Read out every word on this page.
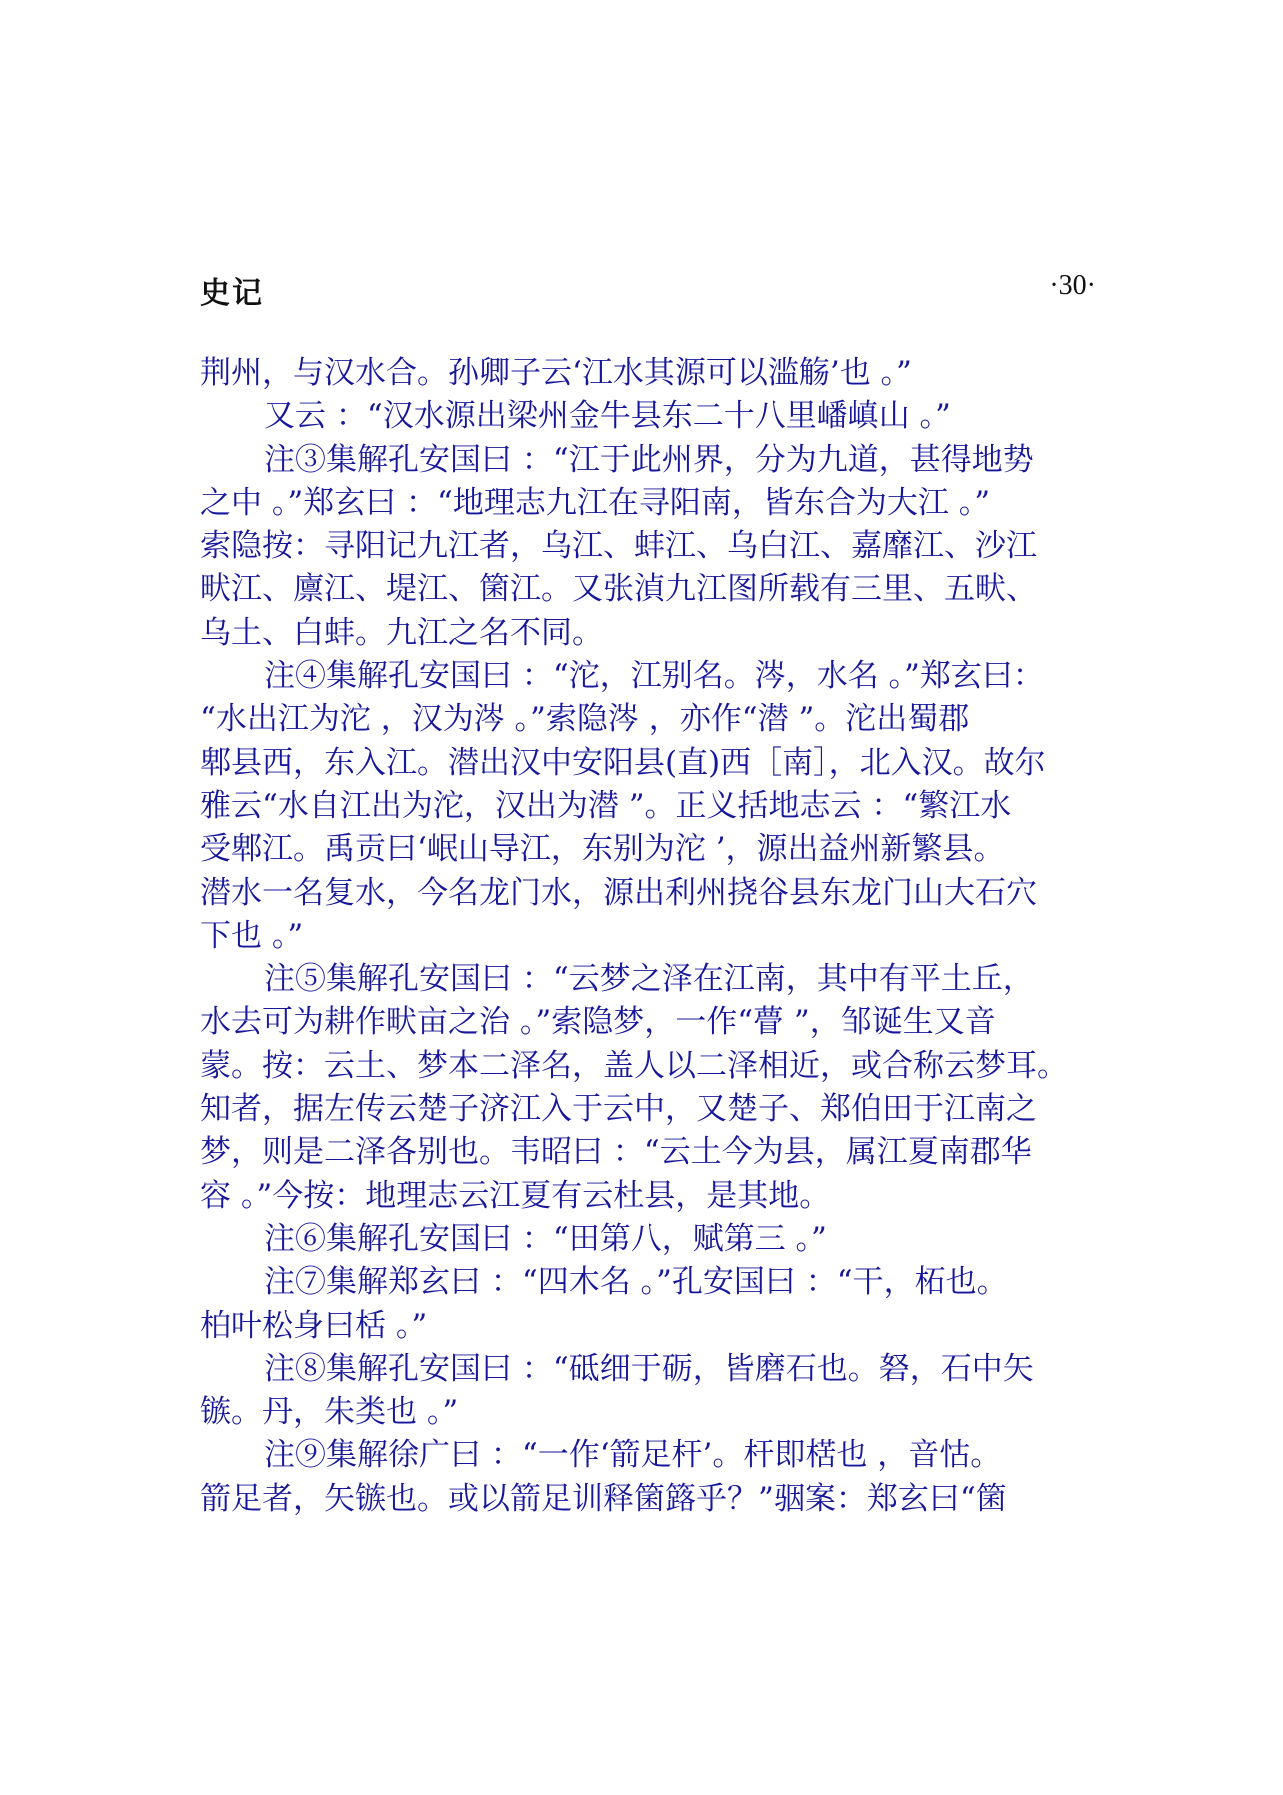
史记	·30·
荆州，与汉水合。孙卿子云‘江水其源可以滥觞’也 。”
又云 ：“汉水源出梁州金牛县东二十八里嶓嵮山 。”
注③集解孔安国曰 ：“江于此州界，分为九道，甚得地势
之中 。”郑玄曰 ：“地理志九江在寻阳南，皆东合为大江 。”
索隐按：寻阳记九江者，乌江、蚌江、乌白江、嘉靡江、沙江
畎江、廪江、堤江、箘江。又张湞九江图所载有三里、五畎、
乌土、白蚌。九江之名不同。
注④集解孔安国曰 ：“沱，江别名。涔，水名 。”郑玄曰：
“水出江为沱 ，汉为涔 。”索隐涔 ，亦作“潜 ”。沱出蜀郡
郫县西，东入江。潜出汉中安阳县(直)西［南］，北入汉。故尔
雅云“水自江出为沱，汉出为潜 ”。正义括地志云 ：“繁江水
受郫江。禹贡曰‘岷山导江，东别为沱 ’，源出益州新繁县。
潜水一名复水，今名龙门水，源出利州挠谷县东龙门山大石穴
下也 。”
注⑤集解孔安国曰 ：“云梦之泽在江南，其中有平土丘，
水去可为耕作畎亩之治 。”索隐梦，一作“瞢 ”，邹诞生又音
蒙。按：云土、梦本二泽名，盖人以二泽相近，或合称云梦耳。
知者，据左传云楚子济江入于云中，又楚子、郑伯田于江南之
梦，则是二泽各别也。韦昭曰 ：“云土今为县，属江夏南郡华
容 。”今按：地理志云江夏有云杜县，是其地。
注⑥集解孔安国曰 ：“田第八，赋第三 。”
注⑦集解郑玄曰 ：“四木名 。”孔安国曰 ：“干，柘也。
柏叶松身曰栝 。”
注⑧集解孔安国曰 ：“砥细于砺，皆磨石也。砮，石中矢
镞。丹，朱类也 。”
注⑨集解徐广曰 ：“一作‘箭足杆’。杆即楛也 ，音怙。
箭足者，矢镞也。或以箭足训释箘簬乎？”骃案：郑玄曰“箘
